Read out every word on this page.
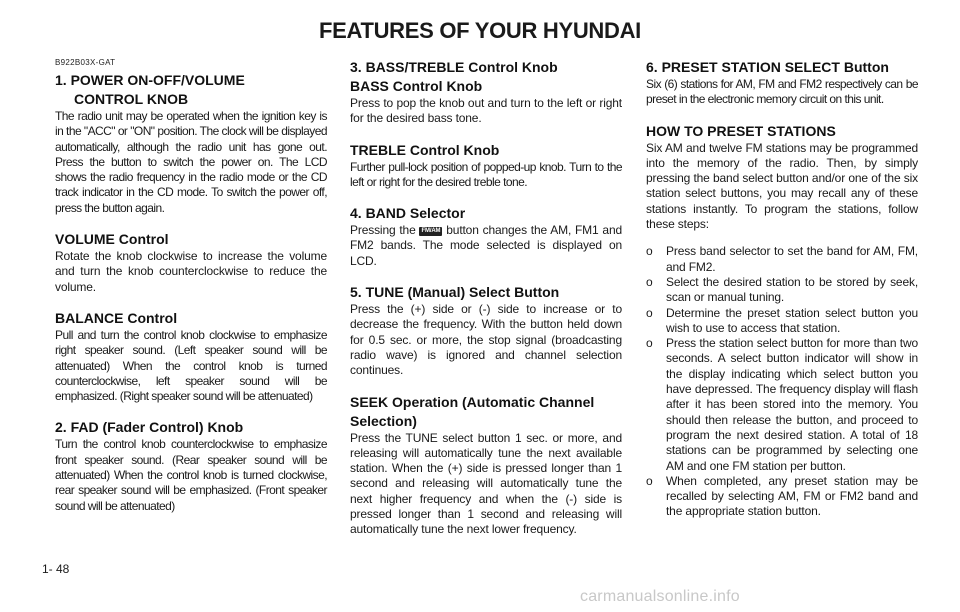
FEATURES OF YOUR HYUNDAI
B922B03X-GAT
1. POWER ON-OFF/VOLUME
CONTROL KNOB

The radio unit may be operated when the ignition key is in the "ACC" or "ON" position. The clock will be displayed automatically, although the radio unit has gone out. Press the button to switch the power on. The LCD shows the radio frequency in the radio mode or the CD track indicator in the CD mode. To switch the power off, press the button again.

VOLUME Control

Rotate the knob clockwise to increase the volume and turn the knob counterclockwise to reduce the volume.

BALANCE Control

Pull and turn the control knob clockwise to emphasize right speaker sound. (Left speaker sound will be attenuated) When the control knob is turned counterclockwise, left speaker sound will be emphasized. (Right speaker sound will be attenuated)

2. FAD (Fader Control) Knob

Turn the control knob counterclockwise to emphasize front speaker sound. (Rear speaker sound will be attenuated) When the control knob is turned clockwise, rear speaker sound will be emphasized. (Front speaker sound will be attenuated)

3. BASS/TREBLE Control Knob
BASS Control Knob

Press to pop the knob out and turn to the left or right for the desired bass tone.

TREBLE Control Knob

Further pull-lock position of popped-up knob. Turn to the left or right for the desired treble tone.

4. BAND Selector

Pressing the FM/AM button changes the AM, FM1 and FM2 bands. The mode selected is displayed on LCD.

5. TUNE (Manual) Select Button

Press the (+) side or (-) side to increase or to decrease the frequency. With the button held down for 0.5 sec. or more, the stop signal (broadcasting radio wave) is ignored and channel selection continues.

SEEK Operation (Automatic Channel
Selection)

Press the TUNE select button 1 sec. or more, and releasing will automatically tune the next available station. When the (+) side is pressed longer than 1 second and releasing will automatically tune the next higher frequency and when the (-) side is pressed longer than 1 second and releasing will automatically tune the next lower frequency.

6. PRESET STATION SELECT Button

Six (6) stations for AM, FM and FM2 respectively can be preset in the electronic memory circuit on this unit.

HOW TO PRESET STATIONS

Six AM and twelve FM stations may be programmed into the memory of the radio. Then, by simply pressing the band select button and/or one of the six station select buttons, you may recall any of these stations instantly. To program the stations, follow these steps:

o Press band selector to set the band for AM, FM, and FM2.
o Select the desired station to be stored by seek, scan or manual tuning.
o Determine the preset station select button you wish to use to access that station.
o Press the station select button for more than two seconds. A select button indicator will show in the display indicating which select button you have depressed. The frequency display will flash after it has been stored into the memory. You should then release the button, and proceed to program the next desired station. A total of 18 stations can be programmed by selecting one AM and one FM station per button.
o When completed, any preset station may be recalled by selecting AM, FM or FM2 band and the appropriate station button.
1- 48
carmanualsonline.info
